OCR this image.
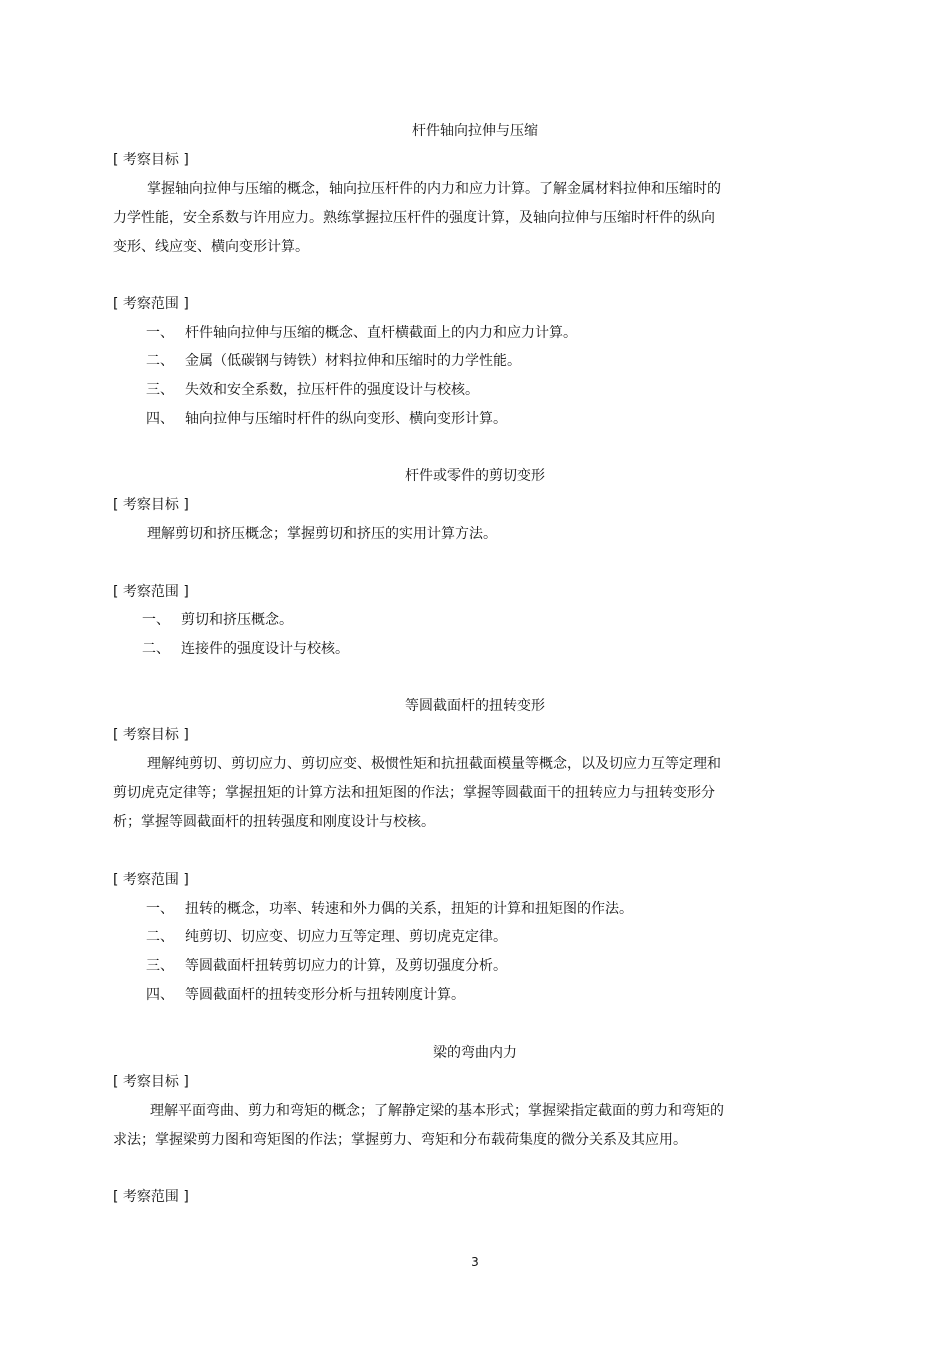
杆件轴向拉伸与压缩
[ 考察目标 ]
掌握轴向拉伸与压缩的概念，轴向拉压杆件的内力和应力计算。了解金属材料拉伸和压缩时的
力学性能，安全系数与许用应力。熟练掌握拉压杆件的强度计算，及轴向拉伸与压缩时杆件的纵向
变形、线应变、横向变形计算。
[ 考察范围 ]
一、 杆件轴向拉伸与压缩的概念、直杆横截面上的内力和应力计算。
二、 金属（低碳钢与铸铁）材料拉伸和压缩时的力学性能。
三、 失效和安全系数，拉压杆件的强度设计与校核。
四、 轴向拉伸与压缩时杆件的纵向变形、横向变形计算。
杆件或零件的剪切变形
[ 考察目标 ]
理解剪切和挤压概念；掌握剪切和挤压的实用计算方法。
[ 考察范围 ]
一、 剪切和挤压概念。
二、 连接件的强度设计与校核。
等圆截面杆的扭转变形
[ 考察目标 ]
理解纯剪切、剪切应力、剪切应变、极惯性矩和抗扭截面模量等概念，以及切应力互等定理和
剪切虎克定律等；掌握扭矩的计算方法和扭矩图的作法；掌握等圆截面干的扭转应力与扭转变形分
析；掌握等圆截面杆的扭转强度和刚度设计与校核。
[ 考察范围 ]
一、 扭转的概念，功率、转速和外力偶的关系，扭矩的计算和扭矩图的作法。
二、 纯剪切、切应变、切应力互等定理、剪切虎克定律。
三、 等圆截面杆扭转剪切应力的计算，及剪切强度分析。
四、 等圆截面杆的扭转变形分析与扭转刚度计算。
梁的弯曲内力
[ 考察目标 ]
理解平面弯曲、剪力和弯矩的概念；了解静定梁的基本形式；掌握梁指定截面的剪力和弯矩的
求法；掌握梁剪力图和弯矩图的作法；掌握剪力、弯矩和分布载荷集度的微分关系及其应用。
[ 考察范围 ]
3
